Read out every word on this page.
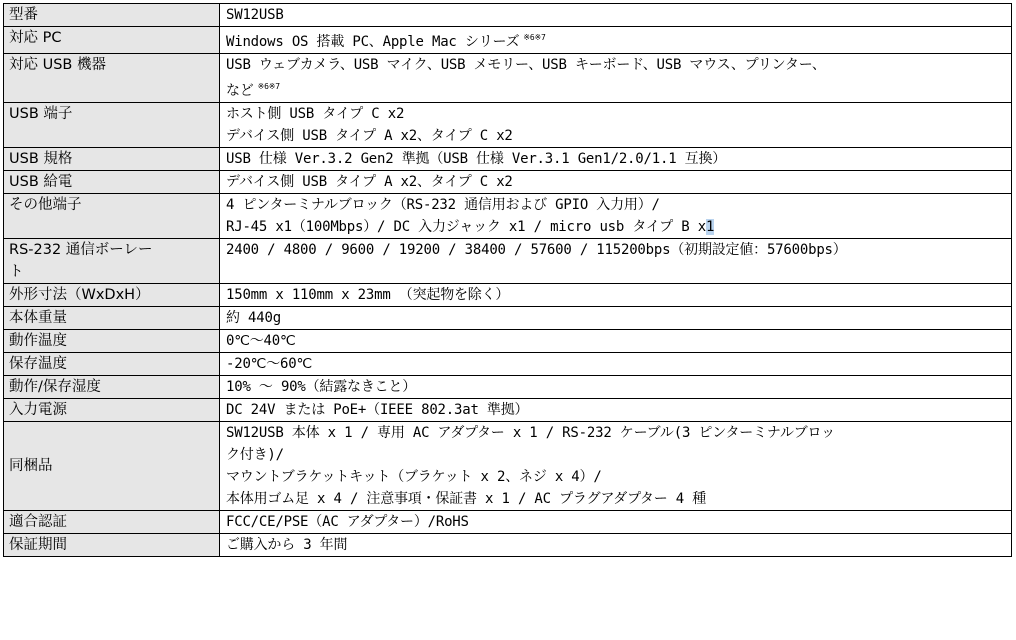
型番	SW12USB

対応 PC	Windows OS 搭載 PC、Apple Mac シリーズ $^{※6※7}$

対応 USB 機器	USB ウェブカメラ、USB マイク、USB メモリー、USB キーボード、USB マウス、プリンター、
など $^{※6※7}$

USB 端子	ホスト側 USB タイプ C x2
デバイス側 USB タイプ A x2、タイプ C x2

USB 規格	USB 仕様 Ver.3.2 Gen2 準拠（USB 仕様 Ver.3.1 Gen1/2.0/1.1 互換）

USB 給電	デバイス側 USB タイプ A x2、タイプ C x2

その他端子	4 ピンターミナルブロック（RS-232 通信用および GPIO 入力用）/
RJ-45 x1（100Mbps）/ DC 入力ジャック x1 / micro usb タイプ B x1

RS-232 通信ボーレー
ト	2400 / 4800 / 9600 / 19200 / 38400 / 57600 / 115200bps（初期設定値：57600bps）

外形寸法（WxDxH）	150mm x 110mm x 23mm （突起物を除く）

本体重量	約 440g

動作温度	0℃～40℃

保存温度	-20℃～60℃

動作/保存湿度	10% ～ 90%（結露なきこと）

入力電源	DC 24V または PoE+（IEEE 802.3at 準拠）

同梱品	SW12USB 本体 x 1 / 専用 AC アダプター x 1 / RS-232 ケーブル(3 ピンターミナルブロッ
ク付き)/
マウントブラケットキット（ブラケット x 2、ネジ x 4）/
本体用ゴム足 x 4 / 注意事項・保証書 x 1 / AC プラグアダプター 4 種

適合認証	FCC/CE/PSE（AC アダプター）/RoHS

保証期間	ご購入から 3 年間
